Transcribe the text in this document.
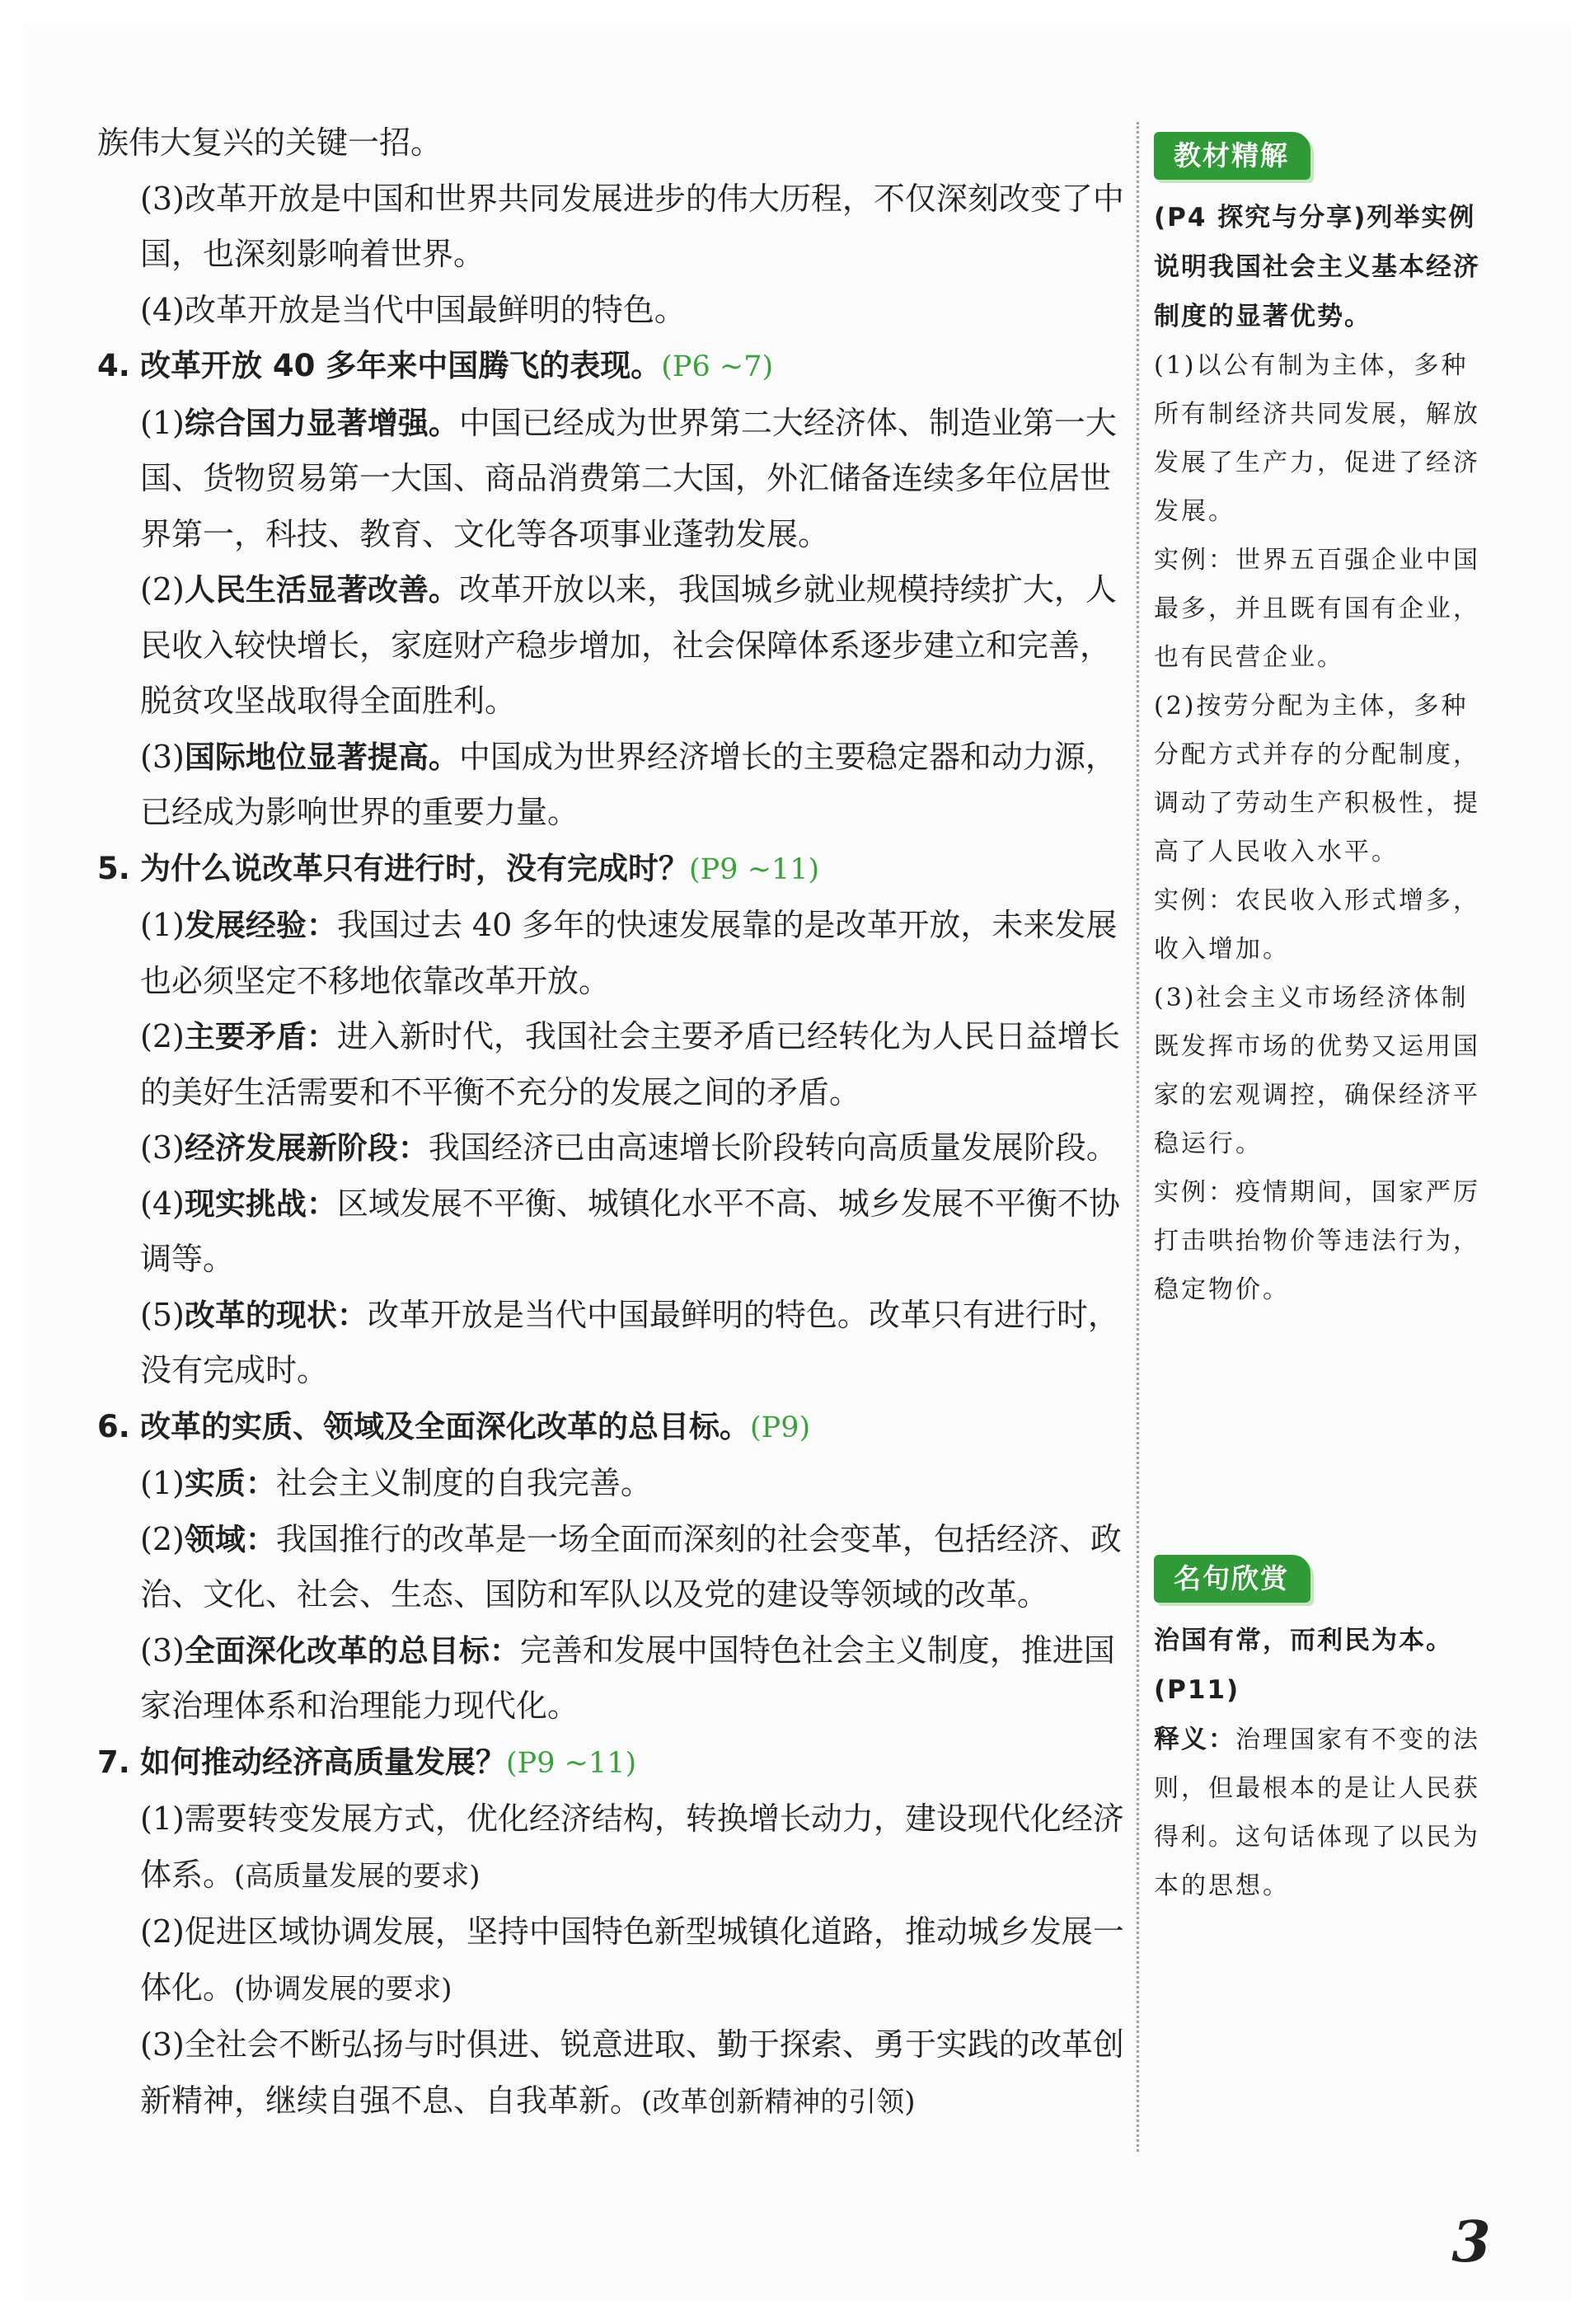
族伟大复兴的关键一招。

(3)改革开放是中国和世界共同发展进步的伟大历程，不仅深刻改变了中国，也深刻影响着世界。

(4)改革开放是当代中国最鲜明的特色。

4. 改革开放 40 多年来中国腾飞的表现。(P6 ~7)

(1)综合国力显著增强。中国已经成为世界第二大经济体、制造业第一大国、货物贸易第一大国、商品消费第二大国，外汇储备连续多年位居世界第一，科技、教育、文化等各项事业蓬勃发展。

(2)人民生活显著改善。改革开放以来，我国城乡就业规模持续扩大，人民收入较快增长，家庭财产稳步增加，社会保障体系逐步建立和完善，脱贫攻坚战取得全面胜利。

(3)国际地位显著提高。中国成为世界经济增长的主要稳定器和动力源，已经成为影响世界的重要力量。

5. 为什么说改革只有进行时，没有完成时？(P9 ~11)

(1)发展经验：我国过去 40 多年的快速发展靠的是改革开放，未来发展也必须坚定不移地依靠改革开放。

(2)主要矛盾：进入新时代，我国社会主要矛盾已经转化为人民日益增长的美好生活需要和不平衡不充分的发展之间的矛盾。

(3)经济发展新阶段：我国经济已由高速增长阶段转向高质量发展阶段。

(4)现实挑战：区域发展不平衡、城镇化水平不高、城乡发展不平衡不协调等。

(5)改革的现状：改革开放是当代中国最鲜明的特色。改革只有进行时，没有完成时。

6. 改革的实质、领域及全面深化改革的总目标。(P9)

(1)实质：社会主义制度的自我完善。

(2)领域：我国推行的改革是一场全面而深刻的社会变革，包括经济、政治、文化、社会、生态、国防和军队以及党的建设等领域的改革。

(3)全面深化改革的总目标：完善和发展中国特色社会主义制度，推进国家治理体系和治理能力现代化。

7. 如何推动经济高质量发展？(P9 ~11)

(1)需要转变发展方式，优化经济结构，转换增长动力，建设现代化经济体系。(高质量发展的要求)

(2)促进区域协调发展，坚持中国特色新型城镇化道路，推动城乡发展一体化。(协调发展的要求)

(3)全社会不断弘扬与时俱进、锐意进取、勤于探索、勇于实践的改革创新精神，继续自强不息、自我革新。(改革创新精神的引领)

教材精解

(P4 探究与分享)列举实例说明我国社会主义基本经济制度的显著优势。

(1)以公有制为主体，多种所有制经济共同发展，解放发展了生产力，促进了经济发展。

实例：世界五百强企业中国最多，并且既有国有企业，也有民营企业。

(2)按劳分配为主体，多种分配方式并存的分配制度，调动了劳动生产积极性，提高了人民收入水平。

实例：农民收入形式增多，收入增加。

(3)社会主义市场经济体制既发挥市场的优势又运用国家的宏观调控，确保经济平稳运行。

实例：疫情期间，国家严厉打击哄抬物价等违法行为，稳定物价。

名句欣赏

治国有常，而利民为本。(P11)

释义：治理国家有不变的法则，但最根本的是让人民获得利。这句话体现了以民为本的思想。

3
